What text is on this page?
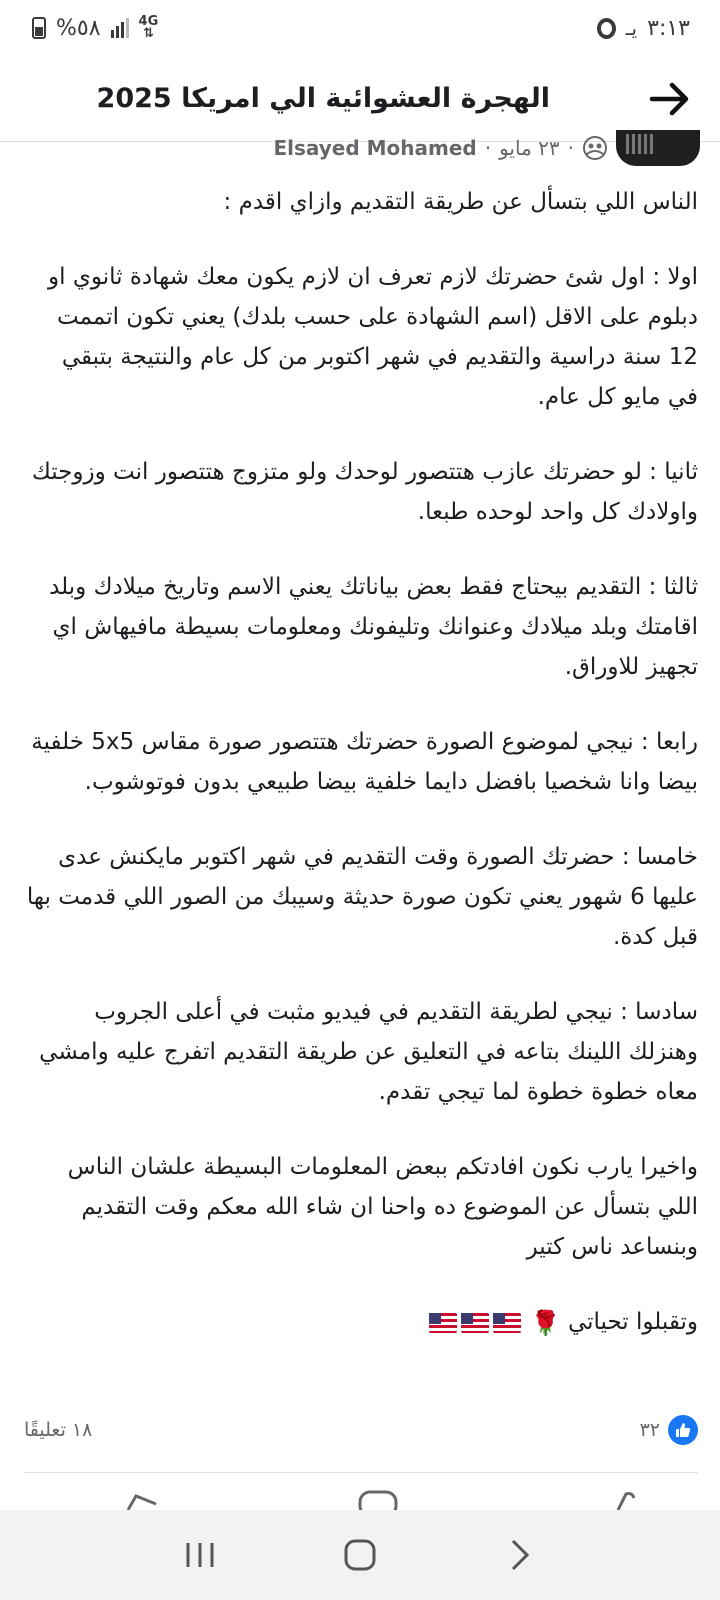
%٥٨	4G
⇅	ﯾـ ٣:١٣
الهجرة العشوائية الي امريكا 2025
·
٢٣ مايو
·
Elsayed Mohamed

الناس اللي بتسأل عن طريقة التقديم وازاي اقدم :

اولا : اول شئ حضرتك لازم تعرف ان لازم يكون معك شهادة ثانوي او دبلوم على الاقل (اسم الشهادة على حسب بلدك) يعني تكون اتممت 12 سنة دراسية والتقديم في شهر اكتوبر من كل عام والنتيجة بتبقي في مايو كل عام.

ثانيا : لو حضرتك عازب هتتصور لوحدك ولو متزوج هتتصور انت وزوجتك واولادك كل واحد لوحده طبعا.

ثالثا : التقديم بيحتاج فقط بعض بياناتك يعني الاسم وتاريخ ميلادك وبلد اقامتك وبلد ميلادك وعنوانك وتليفونك ومعلومات بسيطة مافيهاش اي تجهيز للاوراق.

رابعا : نيجي لموضوع الصورة حضرتك هتتصور صورة مقاس 5x5 خلفية بيضا وانا شخصيا بافضل دايما خلفية بيضا طبيعي بدون فوتوشوب.

خامسا : حضرتك الصورة وقت التقديم في شهر اكتوبر مايكنش عدى عليها 6 شهور يعني تكون صورة حديثة وسيبك من الصور اللي قدمت بها قبل كدة.

سادسا : نيجي لطريقة التقديم في فيديو مثبت في أعلى الجروب وهنزلك اللينك بتاعه في التعليق عن طريقة التقديم اتفرج عليه وامشي معاه خطوة خطوة لما تيجي تقدم.

واخيرا يارب نكون افادتكم ببعض المعلومات البسيطة علشان الناس اللي بتسأل عن الموضوع ده واحنا ان شاء الله معكم وقت التقديم وبنساعد ناس كتير

وتقبلوا تحياتي 🌹

١٨ تعليقًا	٣٢
